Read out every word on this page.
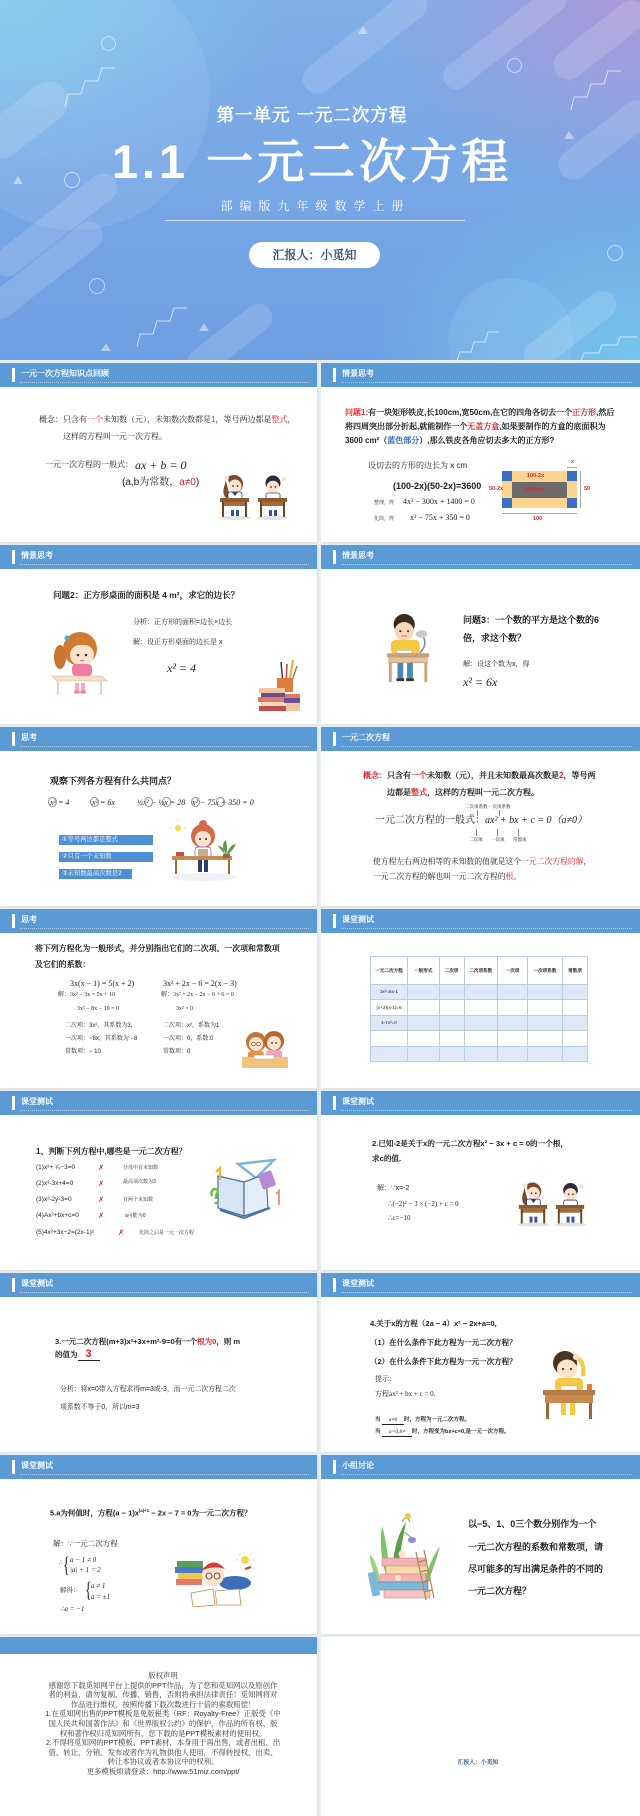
第一单元 一元二次方程
1.1 一元二次方程
部编版九年级数学上册
汇报人：小觅知
一元一次方程知识点回顾
概念：只含有一个未知数（元），未知数次数都是1，等号两边都是整式，
这样的方程叫一元一次方程。
一元一次方程的一般式： ax + b = 0
(a,b为常数，a≠0)
情景思考
问题1:有一块矩形铁皮,长100cm,宽50cm,在它的四角各切去一个正方形,然后
将四周突出部分折起,就能制作一个无盖方盒,如果要制作的方盒的底面积为
3600 cm²（蓝色部分）,那么铁皮各角应切去多大的正方形?
设切去的方形的边长为 x cm
(100-2x)(50-2x)=3600
整理，得 4x² − 300x + 1400 = 0
化简，得 x² − 75x + 350 = 0
100-2x
3600cm²
50-2x
x
50
100
情景思考
问题2：正方形桌面的面积是 4 m²，求它的边长？
分析：正方形的面积=边长×边长
解：设正方形桌面的边长是 x
x² = 4
情景思考
问题3：一个数的平方是这个数的6
倍，求这个数？
解：设这个数为x，得
x² = 6x
思考
观察下列各方程有什么共同点？
x² = 4	x² = 6x	½x² − ½x = 28 x² − 75x + 350 = 0
①等号两边都是整式
②只有一个未知数
③未知数最高次数是2
一元二次方程
概念：只含有一个未知数（元），并且未知数最高次数是2，等号两
边都是整式，这样的方程叫一元二次方程。
二次项系数 一次项系数
一元二次方程的一般式：ax² + bx + c = 0（a≠0）
二次项 一次项 常数项
使方程左右两边相等的未知数的值就是这个一元二次方程的解，
一元二次方程的解也叫一元二次方程的根。
思考
将下列方程化为一般形式，并分别指出它们的二次项、一次项和常数项
及它们的系数：
3x(x − 1) = 5(x + 2)
解：3x² − 3x = 5x + 10
3x² − 8x − 10 = 0
二次项：3x²，其系数为3，
一次项：−8x，其系数为 −8
常数项：− 10
3x² + 2x − 6 = 2(x − 3)
解：3x² + 2x − 2x − 6 + 6 = 0
3x² = 0
二次项：x²，系数为1
一次项：0，系数:0
常数项：0
课堂测试
一元二次方程	一般形式	二次项	二次项系数	一次项	一次项系数	常数项
3x²=5x-1						
(x+2)(x-1)=6						
4-7x²=0						

课堂测试
1、判断下列方程中,哪些是一元二次方程？
(1)x²+ ¹⁄ₓ−3=0	✗	分母中有未知数
(2)x³-3x+4=0	✗	最高项次数为3
(3)x²-2y-3=0	✗	有两个未知数
(4)Ax²+bx+c=0	✗	a可能为0
(5)4x²+3x−2=(2x-1)²	✗	化简之后是一元一次方程
课堂测试
2.已知-2是关于x的一元二次方程x² − 3x + c = 0的一个根，
求c的值.
解：∵x=-2
∴(−2)² − 3 × (−2) + c = 0
∴c=−10
课堂测试
3.一元二次方程(m+3)x²+3x+m²-9=0有一个根为0，则 m
的值为 3
分析：将x=0带入方程求得m=3或-3，而一元二次方程二次
项系数不等于0，所以m=3
课堂测试
4.关于x的方程（2a − 4）x² − 2x+a=0,
（1）在什么条件下此方程为一元二次方程？
（2）在什么条件下此方程为一元一次方程？
提示：
方程ax² + bx + c = 0.
当 a≠0 时，方程为一元二次方程。
当 a=0,b≠ 时，方程变为bx+c=0,是一元一次方程。
课堂测试
5.a为何值时，方程$(a - 1)x^{|a|+1} - 2x - 7 = 0$为一元二次方程？
解：∵一元二次方程
∴ { a − 1 ≠ 0
|a| + 1 = 2
解得： { a ≠ 1
a = ±1
∴a = −1
小组讨论
以−5、1、0三个数分别作为一个
一元二次方程的系数和常数项，请
尽可能多的写出满足条件的不同的
一元二次方程？
版权声明
感谢您下载觅知网平台上提供的PPT作品，为了您和觅知网以及原创作
者的利益，请勿复制、传播、销售，否则将承担法律责任！觅知网将对
作品进行维权，按照传播下载次数进行十倍的索取赔偿！
1.在觅知网出售的PPT模板是免版税类（RF：Royalty-Free）正版受《中
国人民共和国著作法》和《世界版权公约》的保护，作品的所有权、版
权和著作权归觅知网所有，您下载的是PPT模板素材的使用权。
2.不得将觅知网的PPT模板、PPT素材，本身用于再出售，或者出租、出
借、转让、分销、发布或者作为礼物供他人使用，不得转授权、出卖、
转让本协议或者本协议中的权利。
更多模板烦请登录：http://www.51miz.com/ppt/
第一单元 一元二次方程
1.1 一元二次方程
部编版九年级数学上册
汇报人：小觅知
